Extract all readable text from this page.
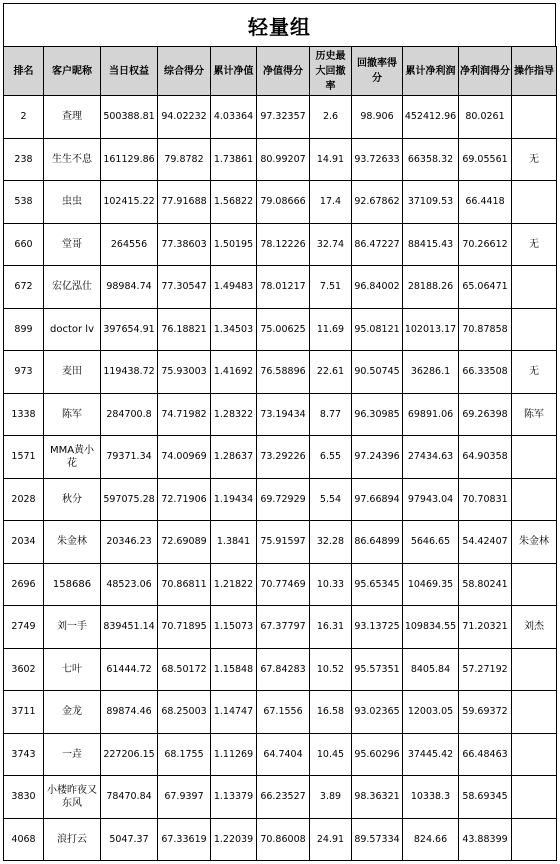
轻量组
排名	客户昵称	当日权益	综合得分	累计净值	净值得分	历史最大回撤率	回撤率得分	累计净利润	净利润得分	操作指导
2	查理	500388.81	94.02232	4.03364	97.32357	2.6	98.906	452412.96	80.0261	
238	生生不息	161129.86	79.8782	1.73861	80.99207	14.91	93.72633	66358.32	69.05561	无
538	虫虫	102415.22	77.91688	1.56822	79.08666	17.4	92.67862	37109.53	66.4418	
660	堂哥	264556	77.38603	1.50195	78.12226	32.74	86.47227	88415.43	70.26612	无
672	宏亿泓仕	98984.74	77.30547	1.49483	78.01217	7.51	96.84002	28188.26	65.06471	
899	doctor lv	397654.91	76.18821	1.34503	75.00625	11.69	95.08121	102013.17	70.87858	
973	麦田	119438.72	75.93003	1.41692	76.58896	22.61	90.50745	36286.1	66.33508	无
1338	陈军	284700.8	74.71982	1.28322	73.19434	8.77	96.30985	69891.06	69.26398	陈军
1571	MMA黄小花	79371.34	74.00969	1.28637	73.29226	6.55	97.24396	27434.63	64.90358	
2028	秋分	597075.28	72.71906	1.19434	69.72929	5.54	97.66894	97943.04	70.70831	
2034	朱金林	20346.23	72.69089	1.3841	75.91597	32.28	86.64899	5646.65	54.42407	朱金林
2696	158686	48523.06	70.86811	1.21822	70.77469	10.33	95.65345	10469.35	58.80241	
2749	刘一手	839451.14	70.71895	1.15073	67.37797	16.31	93.13725	109834.55	71.20321	刘杰
3602	七叶	61444.72	68.50172	1.15848	67.84283	10.52	95.57351	8405.84	57.27192	
3711	金龙	89874.46	68.25003	1.14747	67.1556	16.58	93.02365	12003.05	59.69372	
3743	一垚	227206.15	68.1755	1.11269	64.7404	10.45	95.60296	37445.42	66.48463	
3830	小楼昨夜又东风	78470.84	67.9397	1.13379	66.23527	3.89	98.36321	10338.3	58.69345	
4068	浪打云	5047.37	67.33619	1.22039	70.86008	24.91	89.57334	824.66	43.88399	
